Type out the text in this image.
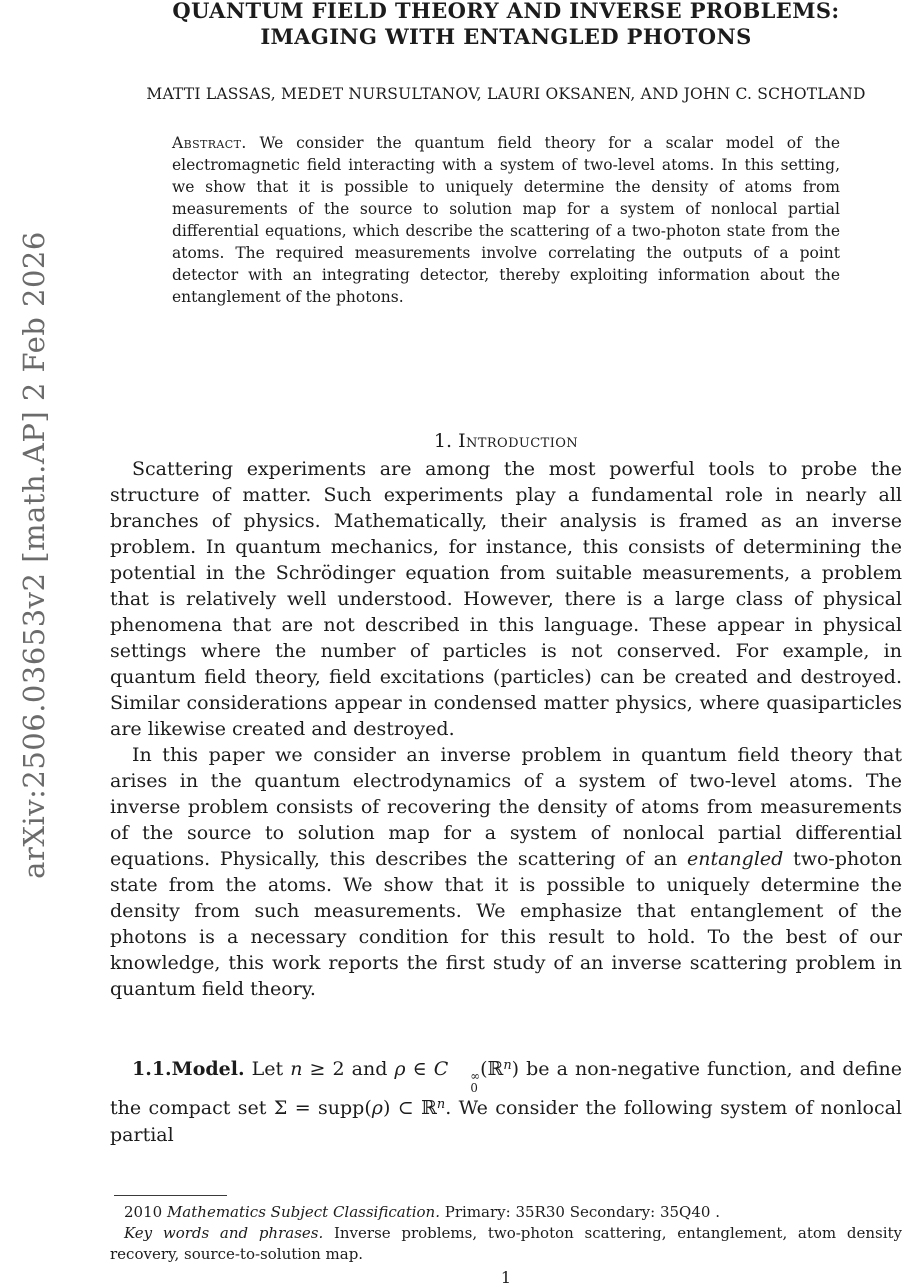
arXiv:2506.03653v2 [math.AP] 2 Feb 2026
QUANTUM FIELD THEORY AND INVERSE PROBLEMS:
IMAGING WITH ENTANGLED PHOTONS
MATTI LASSAS, MEDET NURSULTANOV, LAURI OKSANEN, AND JOHN C. SCHOTLAND
Abstract. We consider the quantum field theory for a scalar model of the electromagnetic field interacting with a system of two-level atoms. In this setting, we show that it is possible to uniquely determine the density of atoms from measurements of the source to solution map for a system of nonlocal partial differential equations, which describe the scattering of a two-photon state from the atoms. The required measurements involve correlating the outputs of a point detector with an integrating detector, thereby exploiting information about the entanglement of the photons.
1. Introduction

Scattering experiments are among the most powerful tools to probe the structure of matter. Such experiments play a fundamental role in nearly all branches of physics. Mathematically, their analysis is framed as an inverse problem. In quantum mechanics, for instance, this consists of determining the potential in the Schrödinger equation from suitable measurements, a problem that is relatively well understood. However, there is a large class of physical phenomena that are not described in this language. These appear in physical settings where the number of particles is not conserved. For example, in quantum field theory, field excitations (particles) can be created and destroyed. Similar considerations appear in condensed matter physics, where quasiparticles are likewise created and destroyed.

In this paper we consider an inverse problem in quantum field theory that arises in the quantum electrodynamics of a system of two-level atoms. The inverse problem consists of recovering the density of atoms from measurements of the source to solution map for a system of nonlocal partial differential equations. Physically, this describes the scattering of an entangled two-photon state from the atoms. We show that it is possible to uniquely determine the density from such measurements. We emphasize that entanglement of the photons is a necessary condition for this result to hold. To the best of our knowledge, this work reports the first study of an inverse scattering problem in quantum field theory.

1.1.Model. Let n ≥ 2 and ρ ∈ C	∞
0
(ℝ$^n$) be a non-negative function, and define the compact set Σ = supp(ρ) ⊂ ℝ$^n$. We consider the following system of nonlocal partial

2010 Mathematics Subject Classification. Primary: 35R30 Secondary: 35Q40 .

Key words and phrases. Inverse problems, two-photon scattering, entanglement, atom density recovery, source-to-solution map.

1
